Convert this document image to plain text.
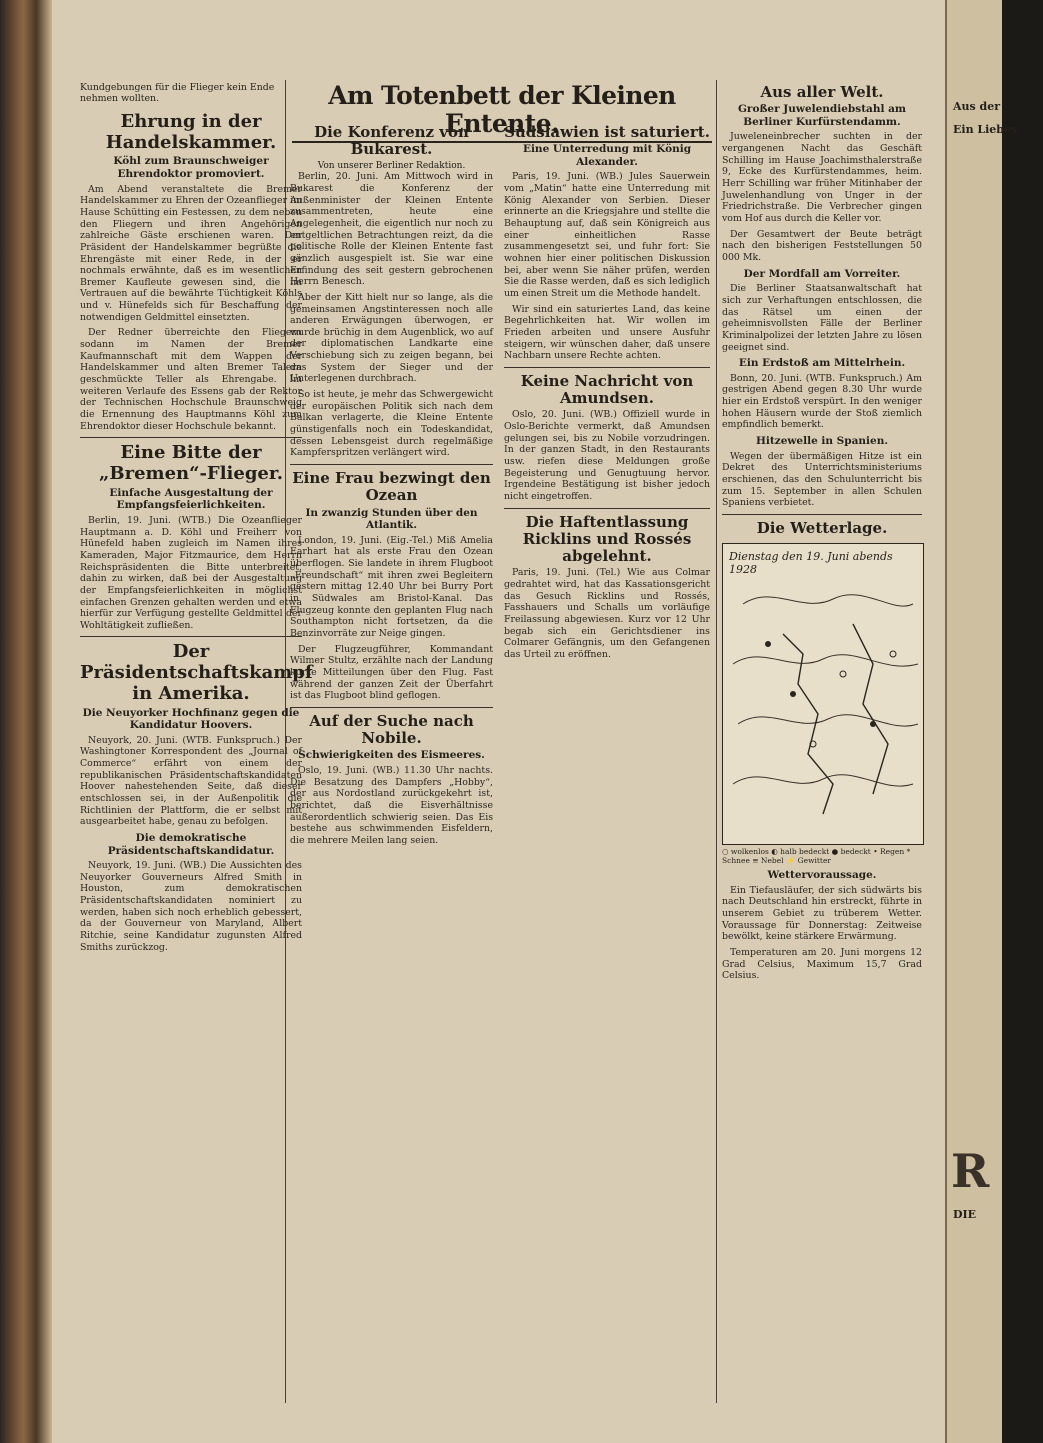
Kundgebungen für die Flieger kein Ende nehmen wollten.
Ehrung in der Handelskammer.
Köhl zum Braunschweiger Ehrendoktor promoviert.

Am Abend veranstaltete die Bremer Handelskammer zu Ehren der Ozeanflieger im Hause Schütting ein Festessen, zu dem neben den Fliegern und ihren Angehörigen zahlreiche Gäste erschienen waren. Der Präsident der Handelskammer begrüßte die Ehrengäste mit einer Rede, in der er nochmals erwähnte, daß es im wesentlichen Bremer Kaufleute gewesen sind, die im Vertrauen auf die bewährte Tüchtigkeit Köhls und v. Hünefelds sich für Beschaffung der notwendigen Geldmittel einsetzten.

Der Redner überreichte den Fliegern sodann im Namen der Bremer Kaufmannschaft mit dem Wappen der Handelskammer und alten Bremer Talern geschmückte Teller als Ehrengabe. Im weiteren Verlaufe des Essens gab der Rektor der Technischen Hochschule Braunschweig die Ernennung des Hauptmanns Köhl zum Ehrendoktor dieser Hochschule bekannt.

Eine Bitte der „Bremen“-Flieger.
Einfache Ausgestaltung der Empfangsfeierlichkeiten.

Berlin, 19. Juni. (WTB.) Die Ozeanflieger Hauptmann a. D. Köhl und Freiherr von Hünefeld haben zugleich im Namen ihres Kameraden, Major Fitzmaurice, dem Herrn Reichspräsidenten die Bitte unterbreitet, dahin zu wirken, daß bei der Ausgestaltung der Empfangsfeierlichkeiten in möglichst einfachen Grenzen gehalten werden und etwa hierfür zur Verfügung gestellte Geldmittel der Wohltätigkeit zufließen.

Der Präsidentschaftskampf in Amerika.
Die Neuyorker Hochfinanz gegen die Kandidatur Hoovers.

Neuyork, 20. Juni. (WTB. Funkspruch.) Der Washingtoner Korrespondent des „Journal of Commerce“ erfährt von einem der republikanischen Präsidentschaftskandidaten Hoover nahestehenden Seite, daß dieser entschlossen sei, in der Außenpolitik die Richtlinien der Plattform, die er selbst mit ausgearbeitet habe, genau zu befolgen.

Die demokratische Präsidentschaftskandidatur.

Neuyork, 19. Juni. (WB.) Die Aussichten des Neuyorker Gouverneurs Alfred Smith in Houston, zum demokratischen Präsidentschaftskandidaten nominiert zu werden, haben sich noch erheblich gebessert, da der Gouverneur von Maryland, Albert Ritchie, seine Kandidatur zugunsten Alfred Smiths zurückzog.

Am Totenbett der Kleinen Entente.
Die Konferenz von Bukarest.
Von unserer Berliner Redaktion.

Berlin, 20. Juni. Am Mittwoch wird in Bukarest die Konferenz der Außenminister der Kleinen Entente zusammentreten, heute eine Angelegenheit, die eigentlich nur noch zu entgeltlichen Betrachtungen reizt, da die politische Rolle der Kleinen Entente fast gänzlich ausgespielt ist. Sie war eine Erfindung des seit gestern gebrochenen Herrn Benesch.

Aber der Kitt hielt nur so lange, als die gemeinsamen Angstinteressen noch alle anderen Erwägungen überwogen, er wurde brüchig in dem Augenblick, wo auf der diplomatischen Landkarte eine Verschiebung sich zu zeigen begann, bei das System der Sieger und der Unterlegenen durchbrach.

So ist heute, je mehr das Schwergewicht der europäischen Politik sich nach dem Balkan verlagerte, die Kleine Entente günstigenfalls noch ein Todeskandidat, dessen Lebensgeist durch regelmäßige Kampferspritzen verlängert wird.

Eine Frau bezwingt den Ozean
In zwanzig Stunden über den Atlantik.

London, 19. Juni. (Eig.-Tel.) Miß Amelia Earhart hat als erste Frau den Ozean überflogen. Sie landete in ihrem Flugboot „Freundschaft“ mit ihren zwei Begleitern gestern mittag 12.40 Uhr bei Burry Port in Südwales am Bristol-Kanal. Das Flugzeug konnte den geplanten Flug nach Southampton nicht fortsetzen, da die Benzinvorräte zur Neige gingen.

Der Flugzeugführer, Kommandant Wilmer Stultz, erzählte nach der Landung kurze Mitteilungen über den Flug. Fast während der ganzen Zeit der Überfahrt ist das Flugboot blind geflogen.

Auf der Suche nach Nobile.
Schwierigkeiten des Eismeeres.

Oslo, 19. Juni. (WB.) 11.30 Uhr nachts. Die Besatzung des Dampfers „Hobby“, der aus Nordostland zurückgekehrt ist, berichtet, daß die Eisverhältnisse außerordentlich schwierig seien. Das Eis bestehe aus schwimmenden Eisfeldern, die mehrere Meilen lang seien.

Südslawien ist saturiert.
Eine Unterredung mit König Alexander.

Paris, 19. Juni. (WB.) Jules Sauerwein vom „Matin“ hatte eine Unterredung mit König Alexander von Serbien. Dieser erinnerte an die Kriegsjahre und stellte die Behauptung auf, daß sein Königreich aus einer einheitlichen Rasse zusammengesetzt sei, und fuhr fort: Sie wohnen hier einer politischen Diskussion bei, aber wenn Sie näher prüfen, werden Sie die Rasse werden, daß es sich lediglich um einen Streit um die Methode handelt.

Wir sind ein saturiertes Land, das keine Begehrlichkeiten hat. Wir wollen im Frieden arbeiten und unsere Ausfuhr steigern, wir wünschen daher, daß unsere Nachbarn unsere Rechte achten.

Keine Nachricht von Amundsen.

Oslo, 20. Juni. (WB.) Offiziell wurde in Oslo-Berichte vermerkt, daß Amundsen gelungen sei, bis zu Nobile vorzudringen. In der ganzen Stadt, in den Restaurants usw. riefen diese Meldungen große Begeisterung und Genugtuung hervor. Irgendeine Bestätigung ist bisher jedoch nicht eingetroffen.

Die Haftentlassung Ricklins und Rossés abgelehnt.

Paris, 19. Juni. (Tel.) Wie aus Colmar gedrahtet wird, hat das Kassationsgericht das Gesuch Ricklins und Rossés, Fasshauers und Schalls um vorläufige Freilassung abgewiesen. Kurz vor 12 Uhr begab sich ein Gerichtsdiener ins Colmarer Gefängnis, um den Gefangenen das Urteil zu eröffnen.

Aus aller Welt.
Großer Juwelendiebstahl am Berliner Kurfürstendamm.

Juweleneinbrecher suchten in der vergangenen Nacht das Geschäft Schilling im Hause Joachimsthalerstraße 9, Ecke des Kurfürstendammes, heim. Herr Schilling war früher Mitinhaber der Juwelenhandlung von Unger in der Friedrichstraße. Die Verbrecher gingen vom Hof aus durch die Keller vor.

Der Gesamtwert der Beute beträgt nach den bisherigen Feststellungen 50 000 Mk.

Der Mordfall am Vorreiter.

Die Berliner Staatsanwaltschaft hat sich zur Verhaftungen entschlossen, die das Rätsel um einen der geheimnisvollsten Fälle der Berliner Kriminalpolizei der letzten Jahre zu lösen geeignet sind.

Ein Erdstoß am Mittelrhein.

Bonn, 20. Juni. (WTB. Funkspruch.) Am gestrigen Abend gegen 8.30 Uhr wurde hier ein Erdstoß verspürt. In den weniger hohen Häusern wurde der Stoß ziemlich empfindlich bemerkt.

Hitzewelle in Spanien.

Wegen der übermäßigen Hitze ist ein Dekret des Unterrichtsministeriums erschienen, das den Schulunterricht bis zum 15. September in allen Schulen Spaniens verbietet.

Die Wetterlage.
Dienstag den 19. Juni abends 1928
○ wolkenlos ◐ halb bedeckt ● bedeckt • Regen * Schnee ≡ Nebel ⚡ Gewitter
Wettervoraussage.

Ein Tiefausläufer, der sich südwärts bis nach Deutschland hin erstreckt, führte in unserem Gebiet zu trüberem Wetter. Voraussage für Donnerstag: Zeitweise bewölkt, keine stärkere Erwärmung.

Temperaturen am 20. Juni morgens 12 Grad Celsius, Maximum 15,7 Grad Celsius.

Aus der
Ein Liebes
R
DIE
